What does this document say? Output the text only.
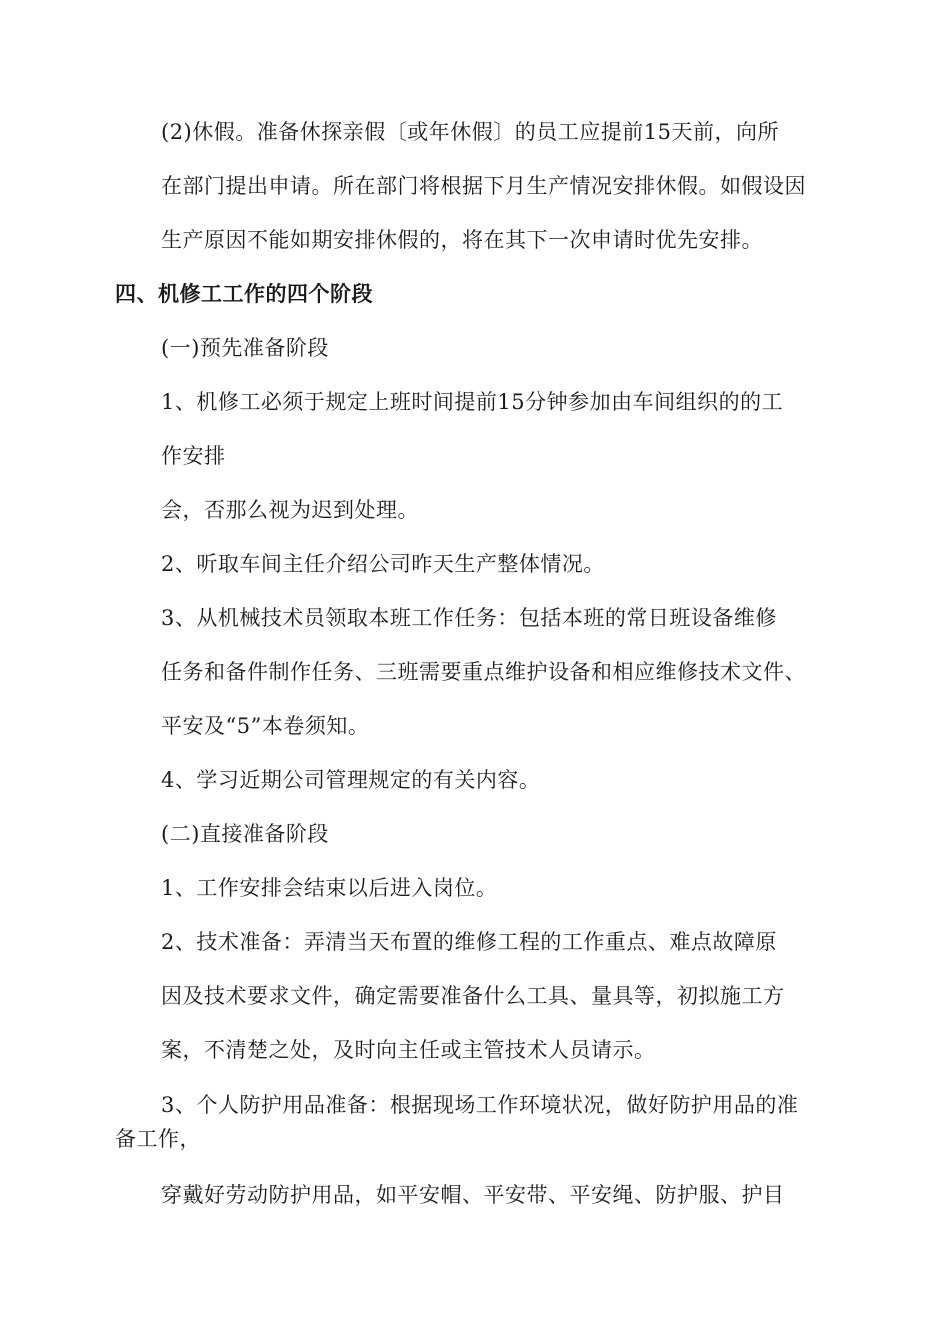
(2)休假。准备休探亲假〔或年休假〕的员工应提前15天前，向所
在部门提出申请。所在部门将根据下月生产情况安排休假。如假设因
生产原因不能如期安排休假的，将在其下一次申请时优先安排。
四、机修工工作的四个阶段
(一)预先准备阶段
1、机修工必须于规定上班时间提前15分钟参加由车间组织的的工
作安排
会，否那么视为迟到处理。
2、听取车间主任介绍公司昨天生产整体情况。
3、从机械技术员领取本班工作任务：包括本班的常日班设备维修
任务和备件制作任务、三班需要重点维护设备和相应维修技术文件、
平安及“5”本卷须知。
4、学习近期公司管理规定的有关内容。
(二)直接准备阶段
1、工作安排会结束以后进入岗位。
2、技术准备：弄清当天布置的维修工程的工作重点、难点故障原
因及技术要求文件，确定需要准备什么工具、量具等，初拟施工方
案，不清楚之处，及时向主任或主管技术人员请示。
3、个人防护用品准备：根据现场工作环境状况，做好防护用品的准
备工作，
穿戴好劳动防护用品，如平安帽、平安带、平安绳、防护服、护目
